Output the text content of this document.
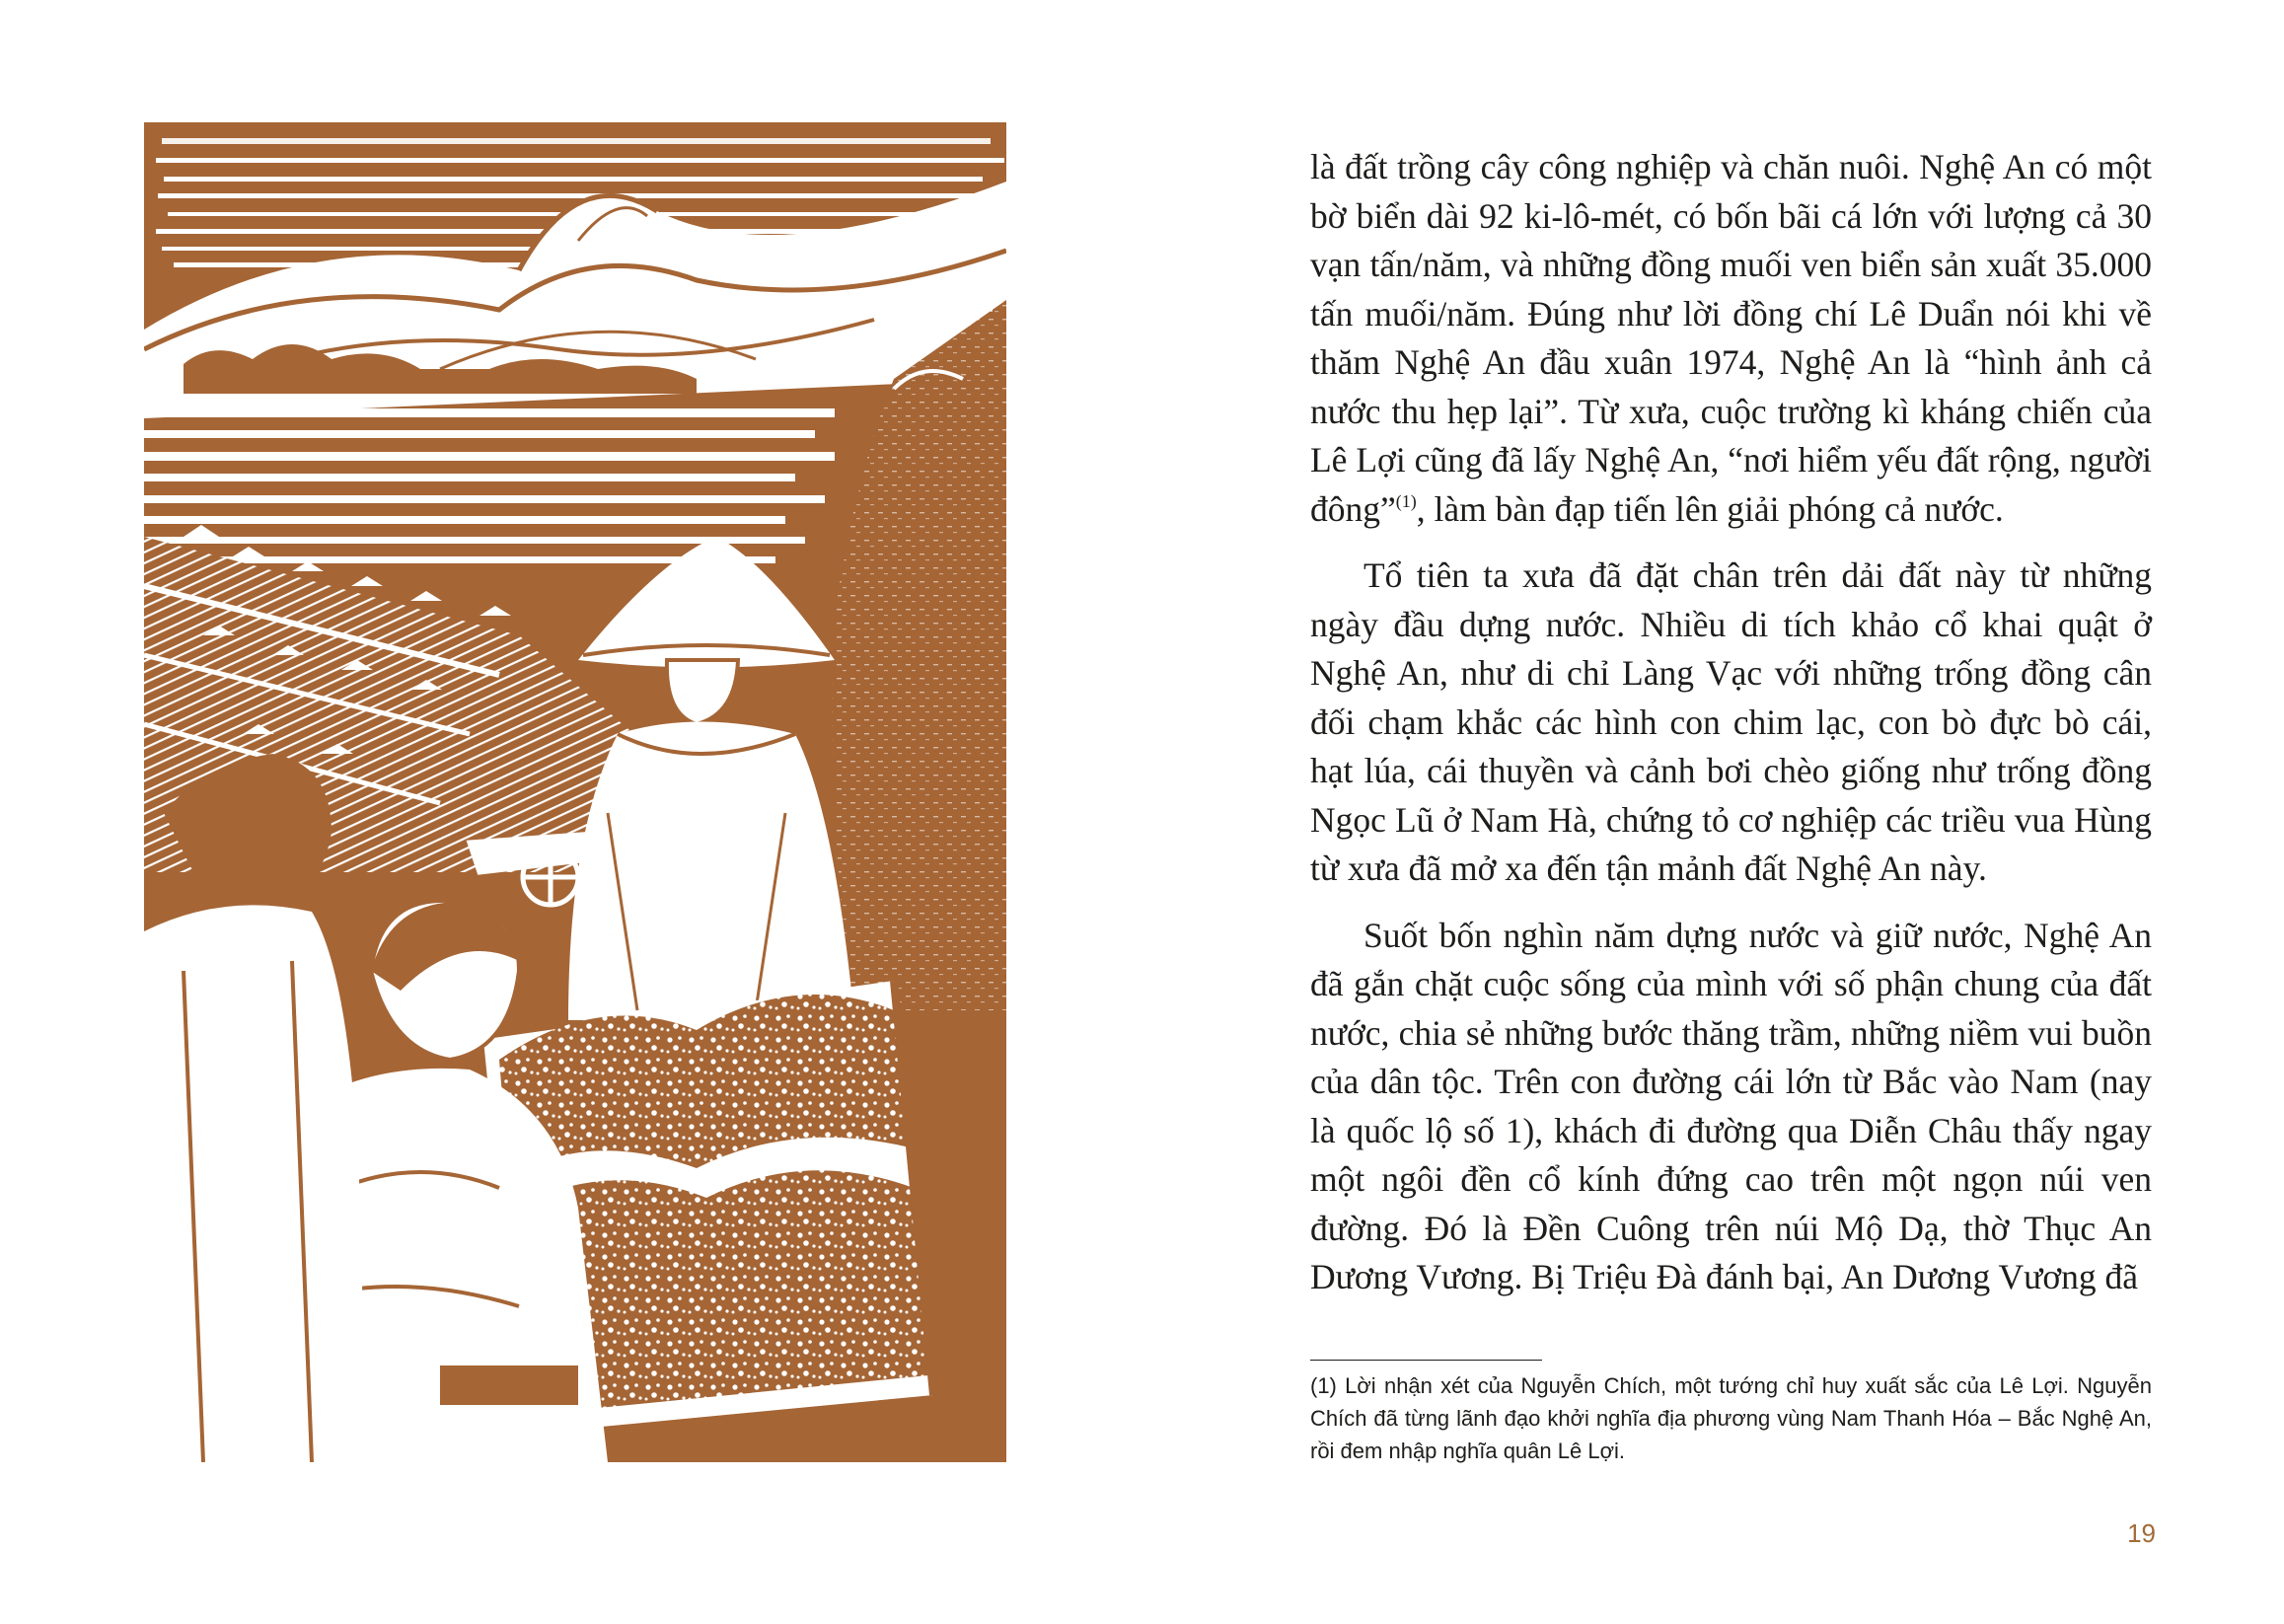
là đất trồng cây công nghiệp và chăn nuôi. Nghệ An có một bờ biển dài 92 ki-lô-mét, có bốn bãi cá lớn với lượng cả 30 vạn tấn/năm, và những đồng muối ven biển sản xuất 35.000 tấn muối/năm. Đúng như lời đồng chí Lê Duẩn nói khi về thăm Nghệ An đầu xuân 1974, Nghệ An là “hình ảnh cả nước thu hẹp lại”. Từ xưa, cuộc trường kì kháng chiến của Lê Lợi cũng đã lấy Nghệ An, “nơi hiểm yếu đất rộng, người đông”$^{(1)}$, làm bàn đạp tiến lên giải phóng cả nước.

Tổ tiên ta xưa đã đặt chân trên dải đất này từ những ngày đầu dựng nước. Nhiều di tích khảo cổ khai quật ở Nghệ An, như di chỉ Làng Vạc với những trống đồng cân đối chạm khắc các hình con chim lạc, con bò đực bò cái, hạt lúa, cái thuyền và cảnh bơi chèo giống như trống đồng Ngọc Lũ ở Nam Hà, chứng tỏ cơ nghiệp các triều vua Hùng từ xưa đã mở xa đến tận mảnh đất Nghệ An này.

Suốt bốn nghìn năm dựng nước và giữ nước, Nghệ An đã gắn chặt cuộc sống của mình với số phận chung của đất nước, chia sẻ những bước thăng trầm, những niềm vui buồn của dân tộc. Trên con đường cái lớn từ Bắc vào Nam (nay là quốc lộ số 1), khách đi đường qua Diễn Châu thấy ngay một ngôi đền cổ kính đứng cao trên một ngọn núi ven đường. Đó là Đền Cuông trên núi Mộ Dạ, thờ Thục An Dương Vương. Bị Triệu Đà đánh bại, An Dương Vương đã

(1) Lời nhận xét của Nguyễn Chích, một tướng chỉ huy xuất sắc của Lê Lợi. Nguyễn Chích đã từng lãnh đạo khởi nghĩa địa phương vùng Nam Thanh Hóa – Bắc Nghệ An, rồi đem nhập nghĩa quân Lê Lợi.
19
